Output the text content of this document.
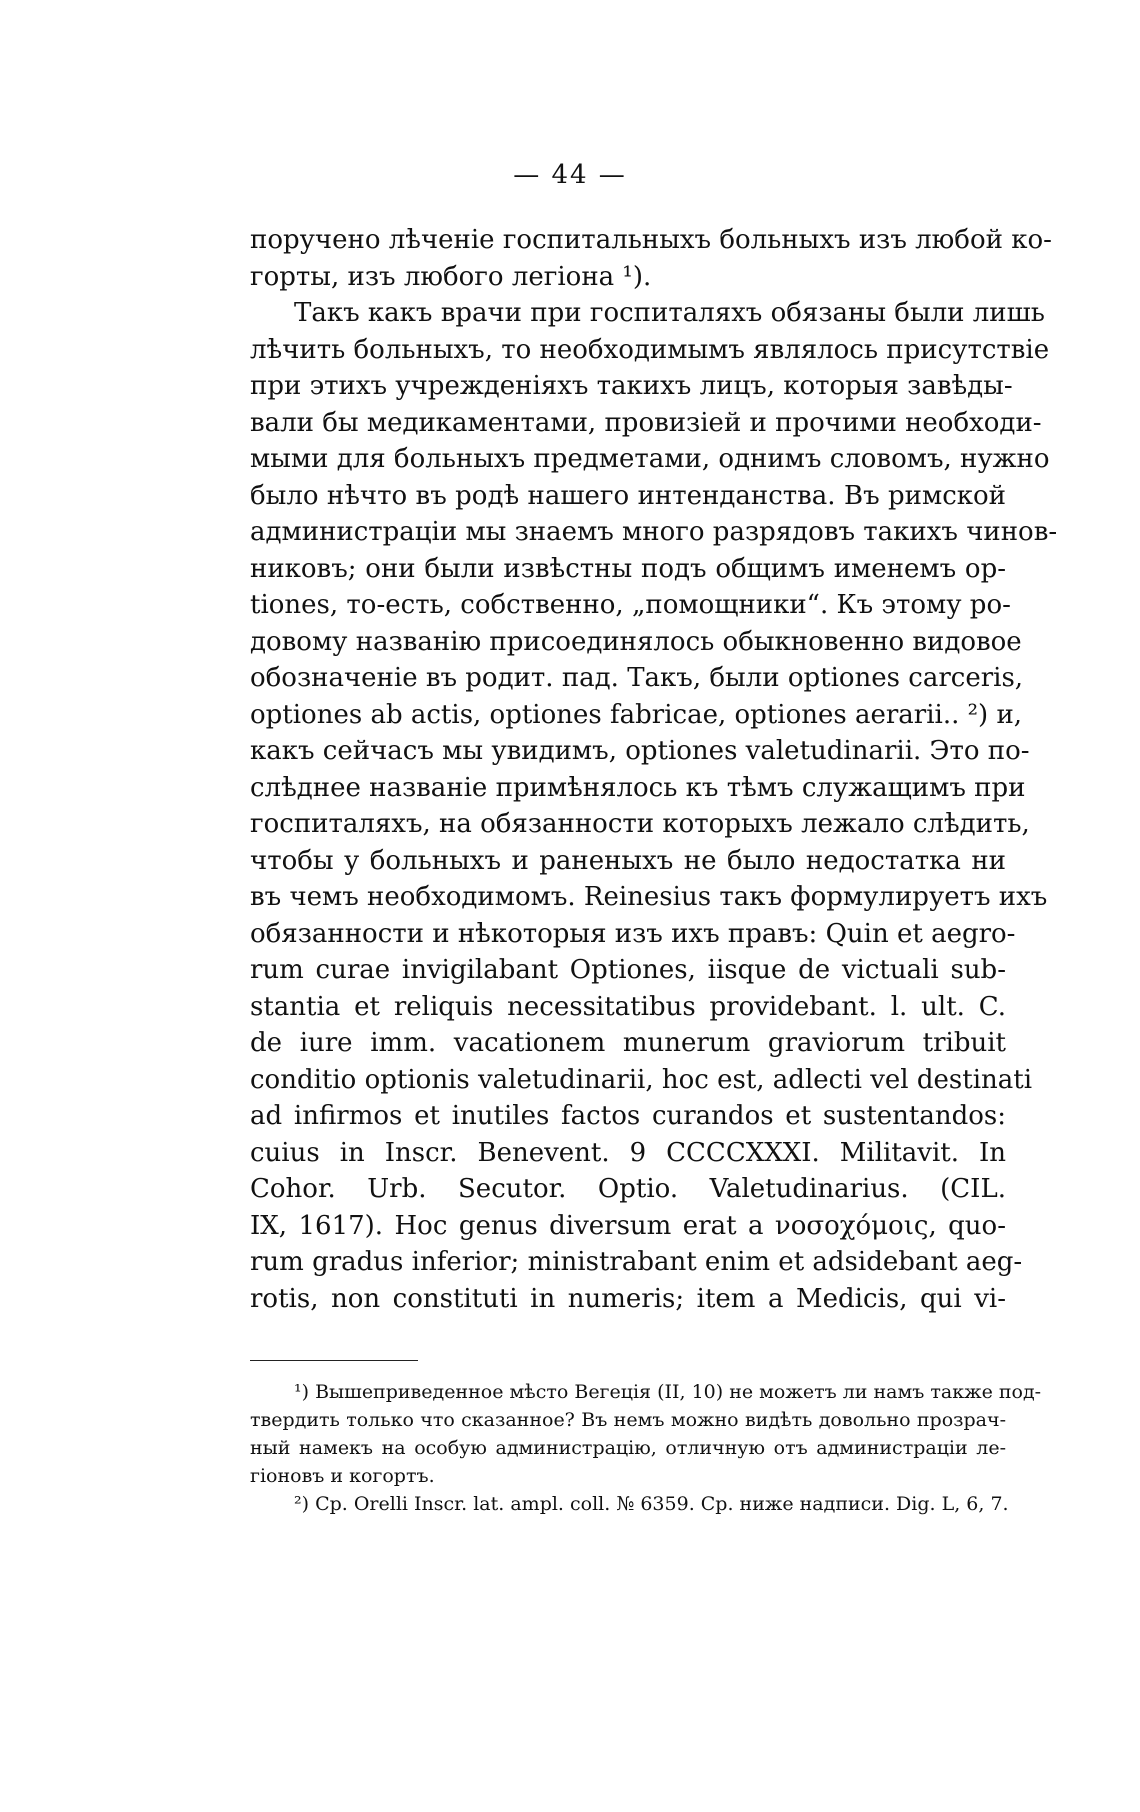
— 44 —
поручено лѣченіе госпитальныхъ больныхъ изъ любой ко-
горты, изъ любого легіона ¹).
Такъ какъ врачи при госпиталяхъ обязаны были лишь
лѣчить больныхъ, то необходимымъ являлось присутствіе
при этихъ учрежденіяхъ такихъ лицъ, которыя завѣды-
вали бы медикаментами, провизіей и прочими необходи-
мыми для больныхъ предметами, однимъ словомъ, нужно
было нѣчто въ родѣ нашего интенданства. Въ римской
администраціи мы знаемъ много разрядовъ такихъ чинов-
никовъ; они были извѣстны подъ общимъ именемъ op-
tiones, то-есть, собственно, „помощники“. Къ этому ро-
довому названію присоединялось обыкновенно видовое
обозначеніе въ родит. пад. Такъ, были optiones carceris,
optiones ab actis, optiones fabricae, optiones aerarii.. ²) и,
какъ сейчасъ мы увидимъ, optiones valetudinarii. Это по-
слѣднее названіе примѣнялось къ тѣмъ служащимъ при
госпиталяхъ, на обязанности которыхъ лежало слѣдить,
чтобы у больныхъ и раненыхъ не было недостатка ни
въ чемъ необходимомъ. Reinesius такъ формулируетъ ихъ
обязанности и нѣкоторыя изъ ихъ правъ: Quin et aegro-
rum curae invigilabant Optiones, iisque de victuali sub-
stantia et reliquis necessitatibus providebant. l. ult. C.
de iure imm. vacationem munerum graviorum tribuit
conditio optionis valetudinarii, hoc est, adlecti vel destinati
ad infirmos et inutiles factos curandos et sustentandos:
cuius in Inscr. Benevent. 9 CCCCXXXI. Militavit. In
Cohor. Urb. Secutor. Optio. Valetudinarius. (CIL.
IX, 1617). Hoc genus diversum erat a νοσοχόμοις, quo-
rum gradus inferior; ministrabant enim et adsidebant aeg-
rotis, non constituti in numeris; item a Medicis, qui vi-
¹) Вышеприведенное мѣсто Вегеція (II, 10) не можетъ ли намъ также под-
твердить только что сказанное? Въ немъ можно видѣть довольно прозрач-
ный намекъ на особую администрацію, отличную отъ администраціи ле-
гіоновъ и когортъ.
²) Ср. Orelli Inscr. lat. ampl. coll. № 6359. Ср. ниже надписи. Dig. L, 6, 7.
